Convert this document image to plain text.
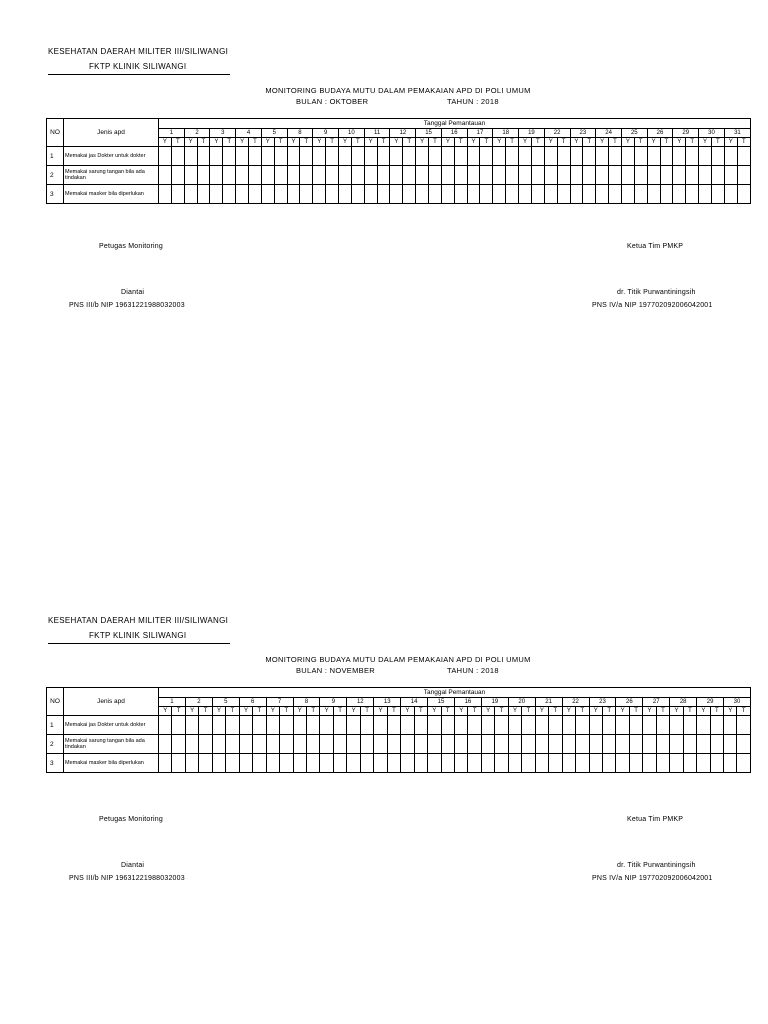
KESEHATAN DAERAH MILITER III/SILIWANGI
FKTP KLINIK SILIWANGI
MONITORING BUDAYA MUTU DALAM PEMAKAIAN APD DI POLI UMUM
BULAN : OKTOBER	TAHUN : 2018
NO	Jenis apd	Tanggal Pemantauan																																													
		1		2		3		4		5		8		9		10		11		12		15		16		17		18		19		22		23		24		25		26		29		30		31	
		Y	T	Y	T	Y	T	Y	T	Y	T	Y	T	Y	T	Y	T	Y	T	Y	T	Y	T	Y	T	Y	T	Y	T	Y	T	Y	T	Y	T	Y	T	Y	T	Y	T	Y	T	Y	T	Y	T
1	Memakai jas Dokter untuk dokter																																														
2	Memakai sarung tangan bila ada tindakan																																														
3	Memakai masker bila diperlukan																																														
Petugas Monitoring
Diantai
PNS III/b NIP 19631221988032003
Ketua Tim PMKP
dr. Titik Purwantiningsih
PNS IV/a NIP 197702092006042001
KESEHATAN DAERAH MILITER III/SILIWANGI
FKTP KLINIK SILIWANGI
MONITORING BUDAYA MUTU DALAM PEMAKAIAN APD DI POLI UMUM
BULAN : NOVEMBER	TAHUN : 2018
NO	Jenis apd	Tanggal Pemantauan																																											
		1		2		5		6		7		8		9		12		13		14		15		16		19		20		21		22		23		26		27		28		29		30	
		Y	T	Y	T	Y	T	Y	T	Y	T	Y	T	Y	T	Y	T	Y	T	Y	T	Y	T	Y	T	Y	T	Y	T	Y	T	Y	T	Y	T	Y	T	Y	T	Y	T	Y	T	Y	T
1	Memakai jas Dokter untuk dokter																																												
2	Memakai sarung tangan bila ada tindakan																																												
3	Memakai masker bila diperlukan																																												
Petugas Monitoring
Diantai
PNS III/b NIP 19631221988032003
Ketua Tim PMKP
dr. Titik Purwantiningsih
PNS IV/a NIP 197702092006042001
